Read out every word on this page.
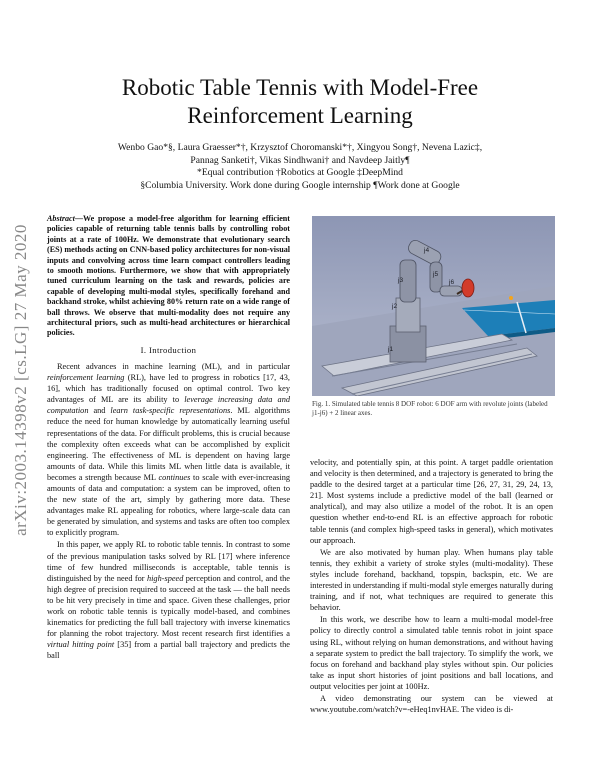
arXiv:2003.14398v2 [cs.LG] 27 May 2020
Robotic Table Tennis with Model-Free
Reinforcement Learning
Wenbo Gao*§, Laura Graesser*†, Krzysztof Choromanski*†, Xingyou Song†, Nevena Lazic‡,
Pannag Sanketi†, Vikas Sindhwani† and Navdeep Jaitly¶
*Equal contribution †Robotics at Google ‡DeepMind
§Columbia University. Work done during Google internship ¶Work done at Google
Abstract—We propose a model-free algorithm for learning efficient policies capable of returning table tennis balls by controlling robot joints at a rate of 100Hz. We demonstrate that evolutionary search (ES) methods acting on CNN-based policy architectures for non-visual inputs and convolving across time learn compact controllers leading to smooth motions. Furthermore, we show that with appropriately tuned curriculum learning on the task and rewards, policies are capable of developing multi-modal styles, specifically forehand and backhand stroke, whilst achieving 80% return rate on a wide range of ball throws. We observe that multi-modality does not require any architectural priors, such as multi-head architectures or hierarchical policies.
I. Introduction

Recent advances in machine learning (ML), and in particular reinforcement learning (RL), have led to progress in robotics [17, 43, 16], which has traditionally focused on optimal control. Two key advantages of ML are its ability to leverage increasing data and computation and learn task-specific representations. ML algorithms reduce the need for human knowledge by automatically learning useful representations of the data. For difficult problems, this is crucial because the complexity often exceeds what can be accomplished by explicit engineering. The effectiveness of ML is dependent on having large amounts of data. While this limits ML when little data is available, it becomes a strength because ML continues to scale with ever-increasing amounts of data and computation: a system can be improved, often to the new state of the art, simply by gathering more data. These advantages make RL appealing for robotics, where large-scale data can be generated by simulation, and systems and tasks are often too complex to explicitly program.

In this paper, we apply RL to robotic table tennis. In contrast to some of the previous manipulation tasks solved by RL [17] where inference time of few hundred milliseconds is acceptable, table tennis is distinguished by the need for high-speed perception and control, and the high degree of precision required to succeed at the task — the ball needs to be hit very precisely in time and space. Given these challenges, prior work on robotic table tennis is typically model-based, and combines kinematics for predicting the full ball trajectory with inverse kinematics for planning the robot trajectory. Most recent research first identifies a virtual hitting point [35] from a partial ball trajectory and predicts the ball

j1
j2
j3
j4
j5
j6
Fig. 1. Simulated table tennis 8 DOF robot: 6 DOF arm with revolute joints (labeled j1-j6) + 2 linear axes.

velocity, and potentially spin, at this point. A target paddle orientation and velocity is then determined, and a trajectory is generated to bring the paddle to the desired target at a particular time [26, 27, 31, 29, 24, 13, 21]. Most systems include a predictive model of the ball (learned or analytical), and may also utilize a model of the robot. It is an open question whether end-to-end RL is an effective approach for robotic table tennis (and complex high-speed tasks in general), which motivates our approach.

We are also motivated by human play. When humans play table tennis, they exhibit a variety of stroke styles (multi-modality). These styles include forehand, backhand, topspin, backspin, etc. We are interested in understanding if multi-modal style emerges naturally during training, and if not, what techniques are required to generate this behavior.

In this work, we describe how to learn a multi-modal model-free policy to directly control a simulated table tennis robot in joint space using RL, without relying on human demonstrations, and without having a separate system to predict the ball trajectory. To simplify the work, we focus on forehand and backhand play styles without spin. Our policies take as input short histories of joint positions and ball locations, and output velocities per joint at 100Hz.

A video demonstrating our system can be viewed at www.youtube.com/watch?v=-eHeq1nvHAE. The video is di-
